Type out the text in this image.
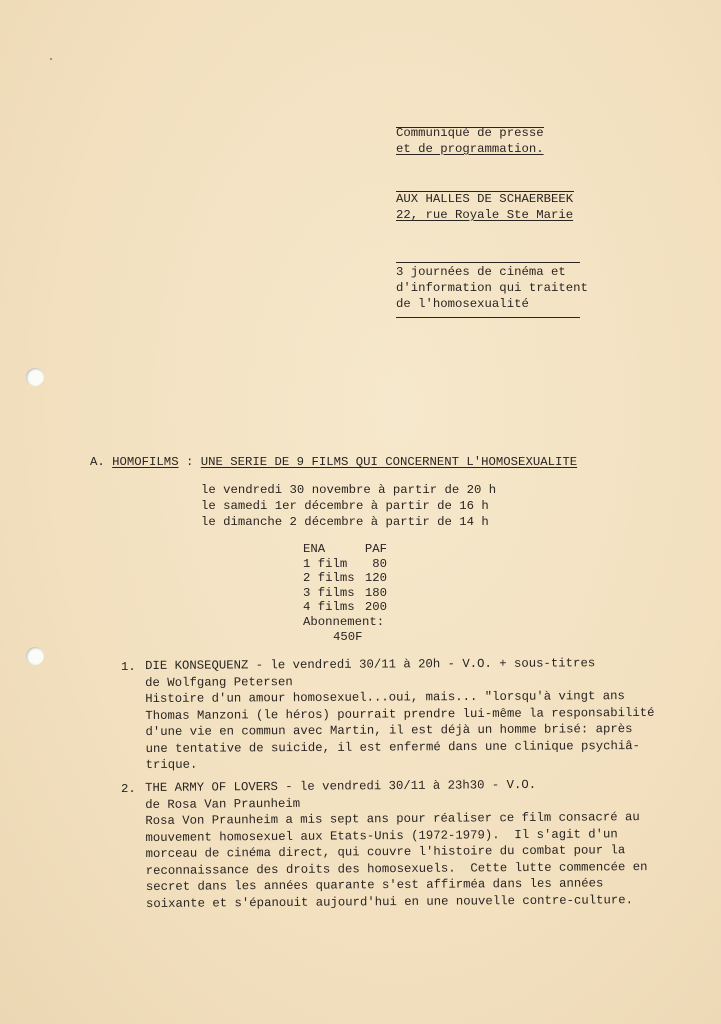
Communiqué de presse
et de programmation.
AUX HALLES DE SCHAERBEEK
22, rue Royale Ste Marie
3 journées de cinéma et
d'information qui traitent
de l'homosexualité
A. HOMOFILMS : UNE SERIE DE 9 FILMS QUI CONCERNENT L'HOMOSEXUALITE
le vendredi 30 novembre à partir de 20 h
le samedi 1er décembre à partir de 16 h
le dimanche 2 décembre à partir de 14 h
ENA	PAF
1 film	80
2 films	120
3 films	180
4 films	200
Abonnement:	
450F	
1. DIE KONSEQUENZ - le vendredi 30/11 à 20h - V.O. + sous-titres
de Wolfgang Petersen
Histoire d'un amour homosexuel...oui, mais... "lorsqu'à vingt ans
Thomas Manzoni (le héros) pourrait prendre lui-même la responsabilité
d'une vie en commun avec Martin, il est déjà un homme brisé: après
une tentative de suicide, il est enfermé dans une clinique psychiâ-
trique.
2. THE ARMY OF LOVERS - le vendredi 30/11 à 23h30 - V.O.
de Rosa Van Praunheim
Rosa Von Praunheim a mis sept ans pour réaliser ce film consacré au
mouvement homosexuel aux Etats-Unis (1972-1979).  Il s'agit d'un
morceau de cinéma direct, qui couvre l'histoire du combat pour la
reconnaissance des droits des homosexuels.  Cette lutte commencée en
secret dans les années quarante s'est affirméa dans les années
soixante et s'épanouit aujourd'hui en une nouvelle contre-culture.
